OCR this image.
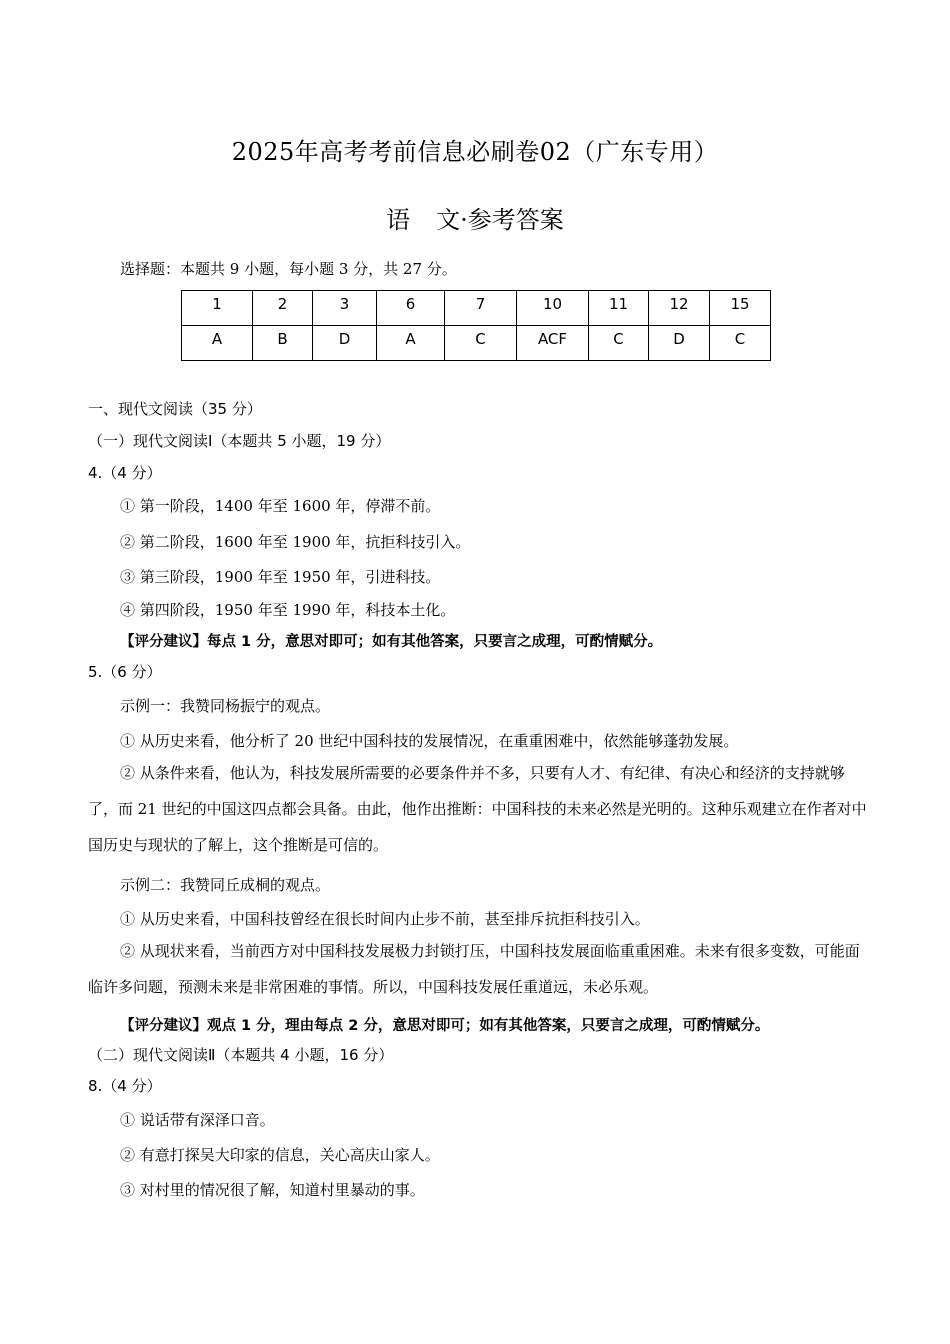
2025年高考考前信息必刷卷02（广东专用）
语 文·参考答案
选择题：本题共 9 小题，每小题 3 分，共 27 分。
1	2	3	6	7	10	11	12	15
A	B	D	A	C	ACF	C	D	C
一、现代文阅读（35 分）
（一）现代文阅读Ⅰ（本题共 5 小题，19 分）
4.（4 分）
① 第一阶段，1400 年至 1600 年，停滞不前。
② 第二阶段，1600 年至 1900 年，抗拒科技引入。
③ 第三阶段，1900 年至 1950 年，引进科技。
④ 第四阶段，1950 年至 1990 年，科技本土化。
【评分建议】每点 1 分，意思对即可；如有其他答案，只要言之成理，可酌情赋分。
5.（6 分）
示例一：我赞同杨振宁的观点。
① 从历史来看，他分析了 20 世纪中国科技的发展情况，在重重困难中，依然能够蓬勃发展。
② 从条件来看，他认为，科技发展所需要的必要条件并不多，只要有人才、有纪律、有决心和经济的支持就够了，而 21 世纪的中国这四点都会具备。由此，他作出推断：中国科技的未来必然是光明的。这种乐观建立在作者对中国历史与现状的了解上，这个推断是可信的。
示例二：我赞同丘成桐的观点。
① 从历史来看，中国科技曾经在很长时间内止步不前，甚至排斥抗拒科技引入。
② 从现状来看，当前西方对中国科技发展极力封锁打压，中国科技发展面临重重困难。未来有很多变数，可能面临许多问题，预测未来是非常困难的事情。所以，中国科技发展任重道远，未必乐观。
【评分建议】观点 1 分，理由每点 2 分，意思对即可；如有其他答案，只要言之成理，可酌情赋分。
（二）现代文阅读Ⅱ（本题共 4 小题，16 分）
8.（4 分）
① 说话带有深泽口音。
② 有意打探吴大印家的信息，关心高庆山家人。
③ 对村里的情况很了解，知道村里暴动的事。
